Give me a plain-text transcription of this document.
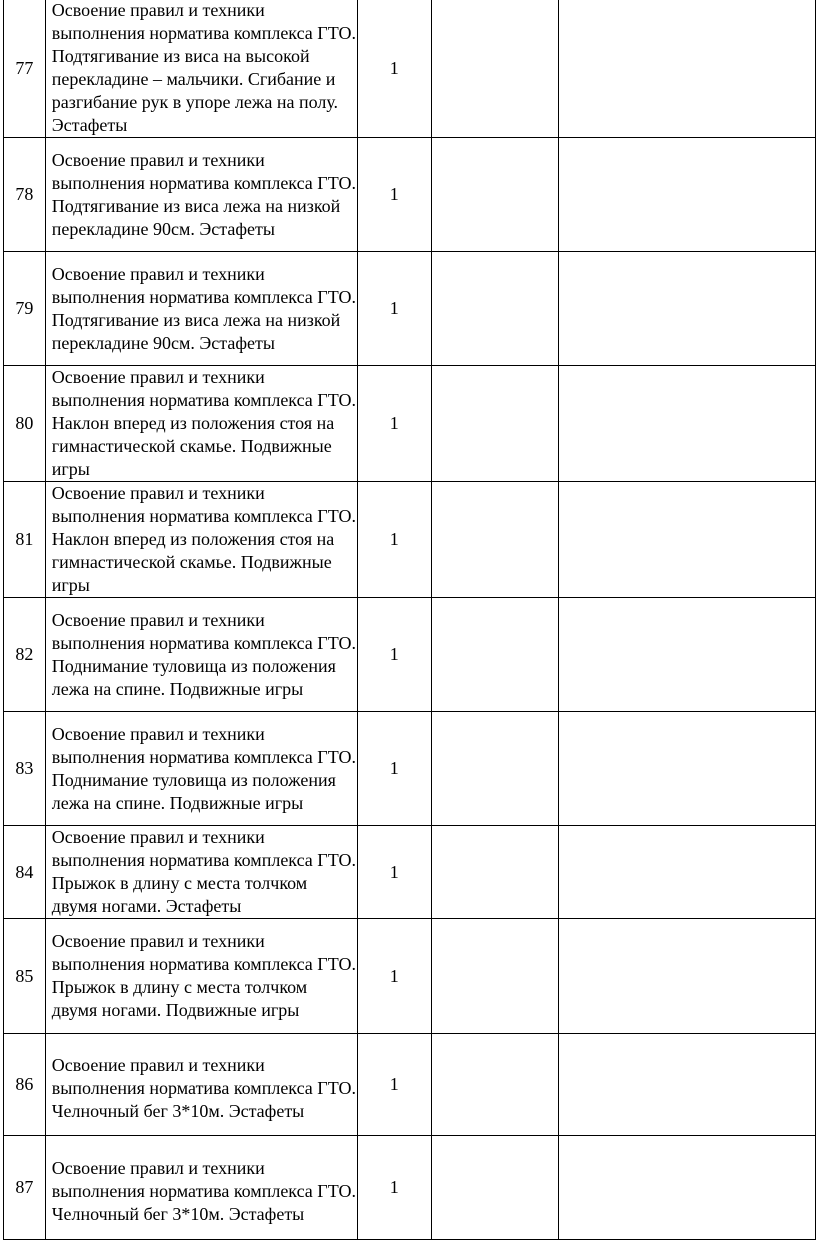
77	Освоение правил и техники выполнения норматива комплекса ГТО. Подтягивание из виса на высокой перекладине – мальчики. Сгибание и разгибание рук в упоре лежа на полу. Эстафеты	1		
78	Освоение правил и техники выполнения норматива комплекса ГТО. Подтягивание из виса лежа на низкой перекладине 90см. Эстафеты	1		
79	Освоение правил и техники выполнения норматива комплекса ГТО. Подтягивание из виса лежа на низкой перекладине 90см. Эстафеты	1		
80	Освоение правил и техники выполнения норматива комплекса ГТО. Наклон вперед из положения стоя на гимнастической скамье. Подвижные игры	1		
81	Освоение правил и техники выполнения норматива комплекса ГТО. Наклон вперед из положения стоя на гимнастической скамье. Подвижные игры	1		
82	Освоение правил и техники выполнения норматива комплекса ГТО. Поднимание туловища из положения лежа на спине. Подвижные игры	1		
83	Освоение правил и техники выполнения норматива комплекса ГТО. Поднимание туловища из положения лежа на спине. Подвижные игры	1		
84	Освоение правил и техники выполнения норматива комплекса ГТО. Прыжок в длину с места толчком двумя ногами. Эстафеты	1		
85	Освоение правил и техники выполнения норматива комплекса ГТО. Прыжок в длину с места толчком двумя ногами. Подвижные игры	1		
86	Освоение правил и техники выполнения норматива комплекса ГТО. Челночный бег 3*10м. Эстафеты	1		
87	Освоение правил и техники выполнения норматива комплекса ГТО. Челночный бег 3*10м. Эстафеты	1		
